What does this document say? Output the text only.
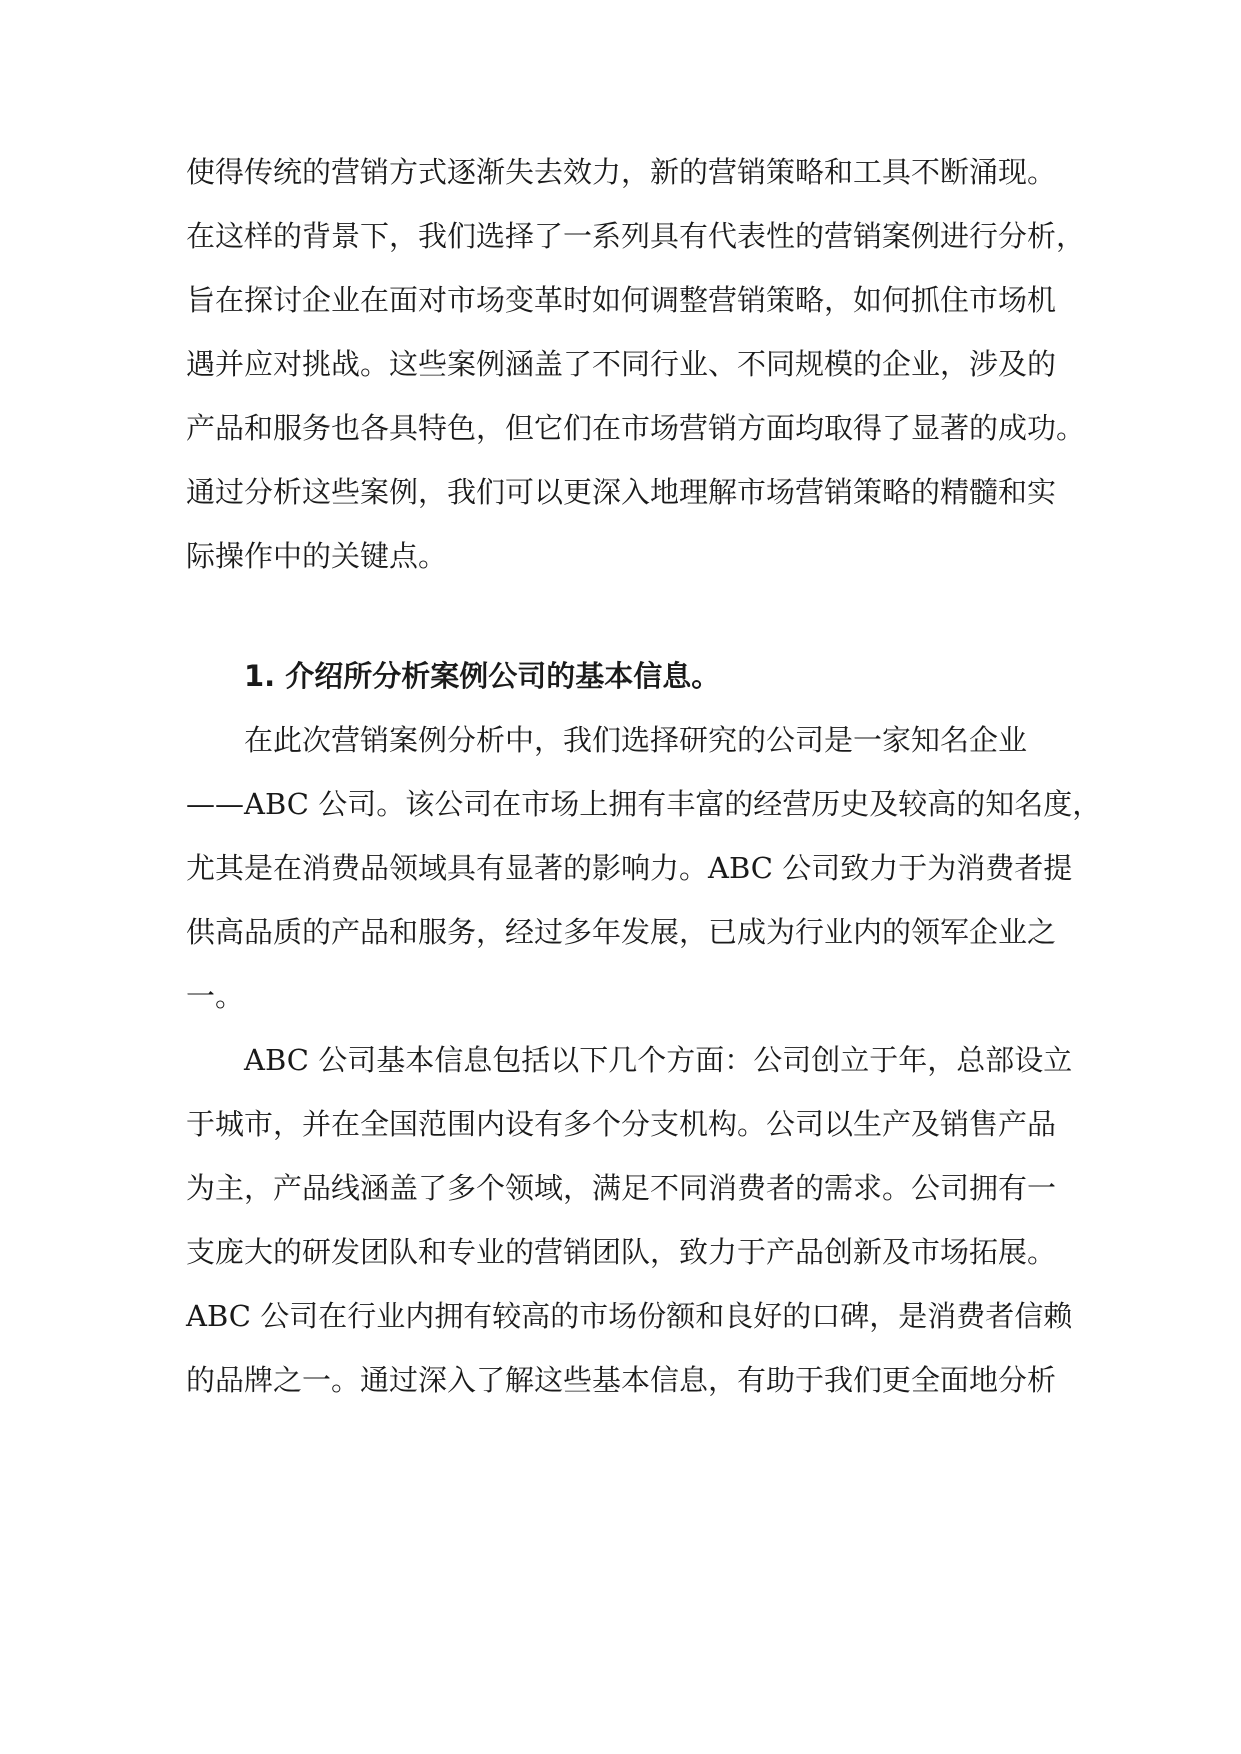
使得传统的营销方式逐渐失去效力，新的营销策略和工具不断涌现。
在这样的背景下，我们选择了一系列具有代表性的营销案例进行分析，
旨在探讨企业在面对市场变革时如何调整营销策略，如何抓住市场机
遇并应对挑战。这些案例涵盖了不同行业、不同规模的企业，涉及的
产品和服务也各具特色，但它们在市场营销方面均取得了显著的成功。
通过分析这些案例，我们可以更深入地理解市场营销策略的精髓和实
际操作中的关键点。
1. 介绍所分析案例公司的基本信息。
在此次营销案例分析中，我们选择研究的公司是一家知名企业
——ABC 公司。该公司在市场上拥有丰富的经营历史及较高的知名度，
尤其是在消费品领域具有显著的影响力。ABC 公司致力于为消费者提
供高品质的产品和服务，经过多年发展，已成为行业内的领军企业之
一。
ABC 公司基本信息包括以下几个方面：公司创立于年，总部设立
于城市，并在全国范围内设有多个分支机构。公司以生产及销售产品
为主，产品线涵盖了多个领域，满足不同消费者的需求。公司拥有一
支庞大的研发团队和专业的营销团队，致力于产品创新及市场拓展。
ABC 公司在行业内拥有较高的市场份额和良好的口碑，是消费者信赖
的品牌之一。通过深入了解这些基本信息，有助于我们更全面地分析
